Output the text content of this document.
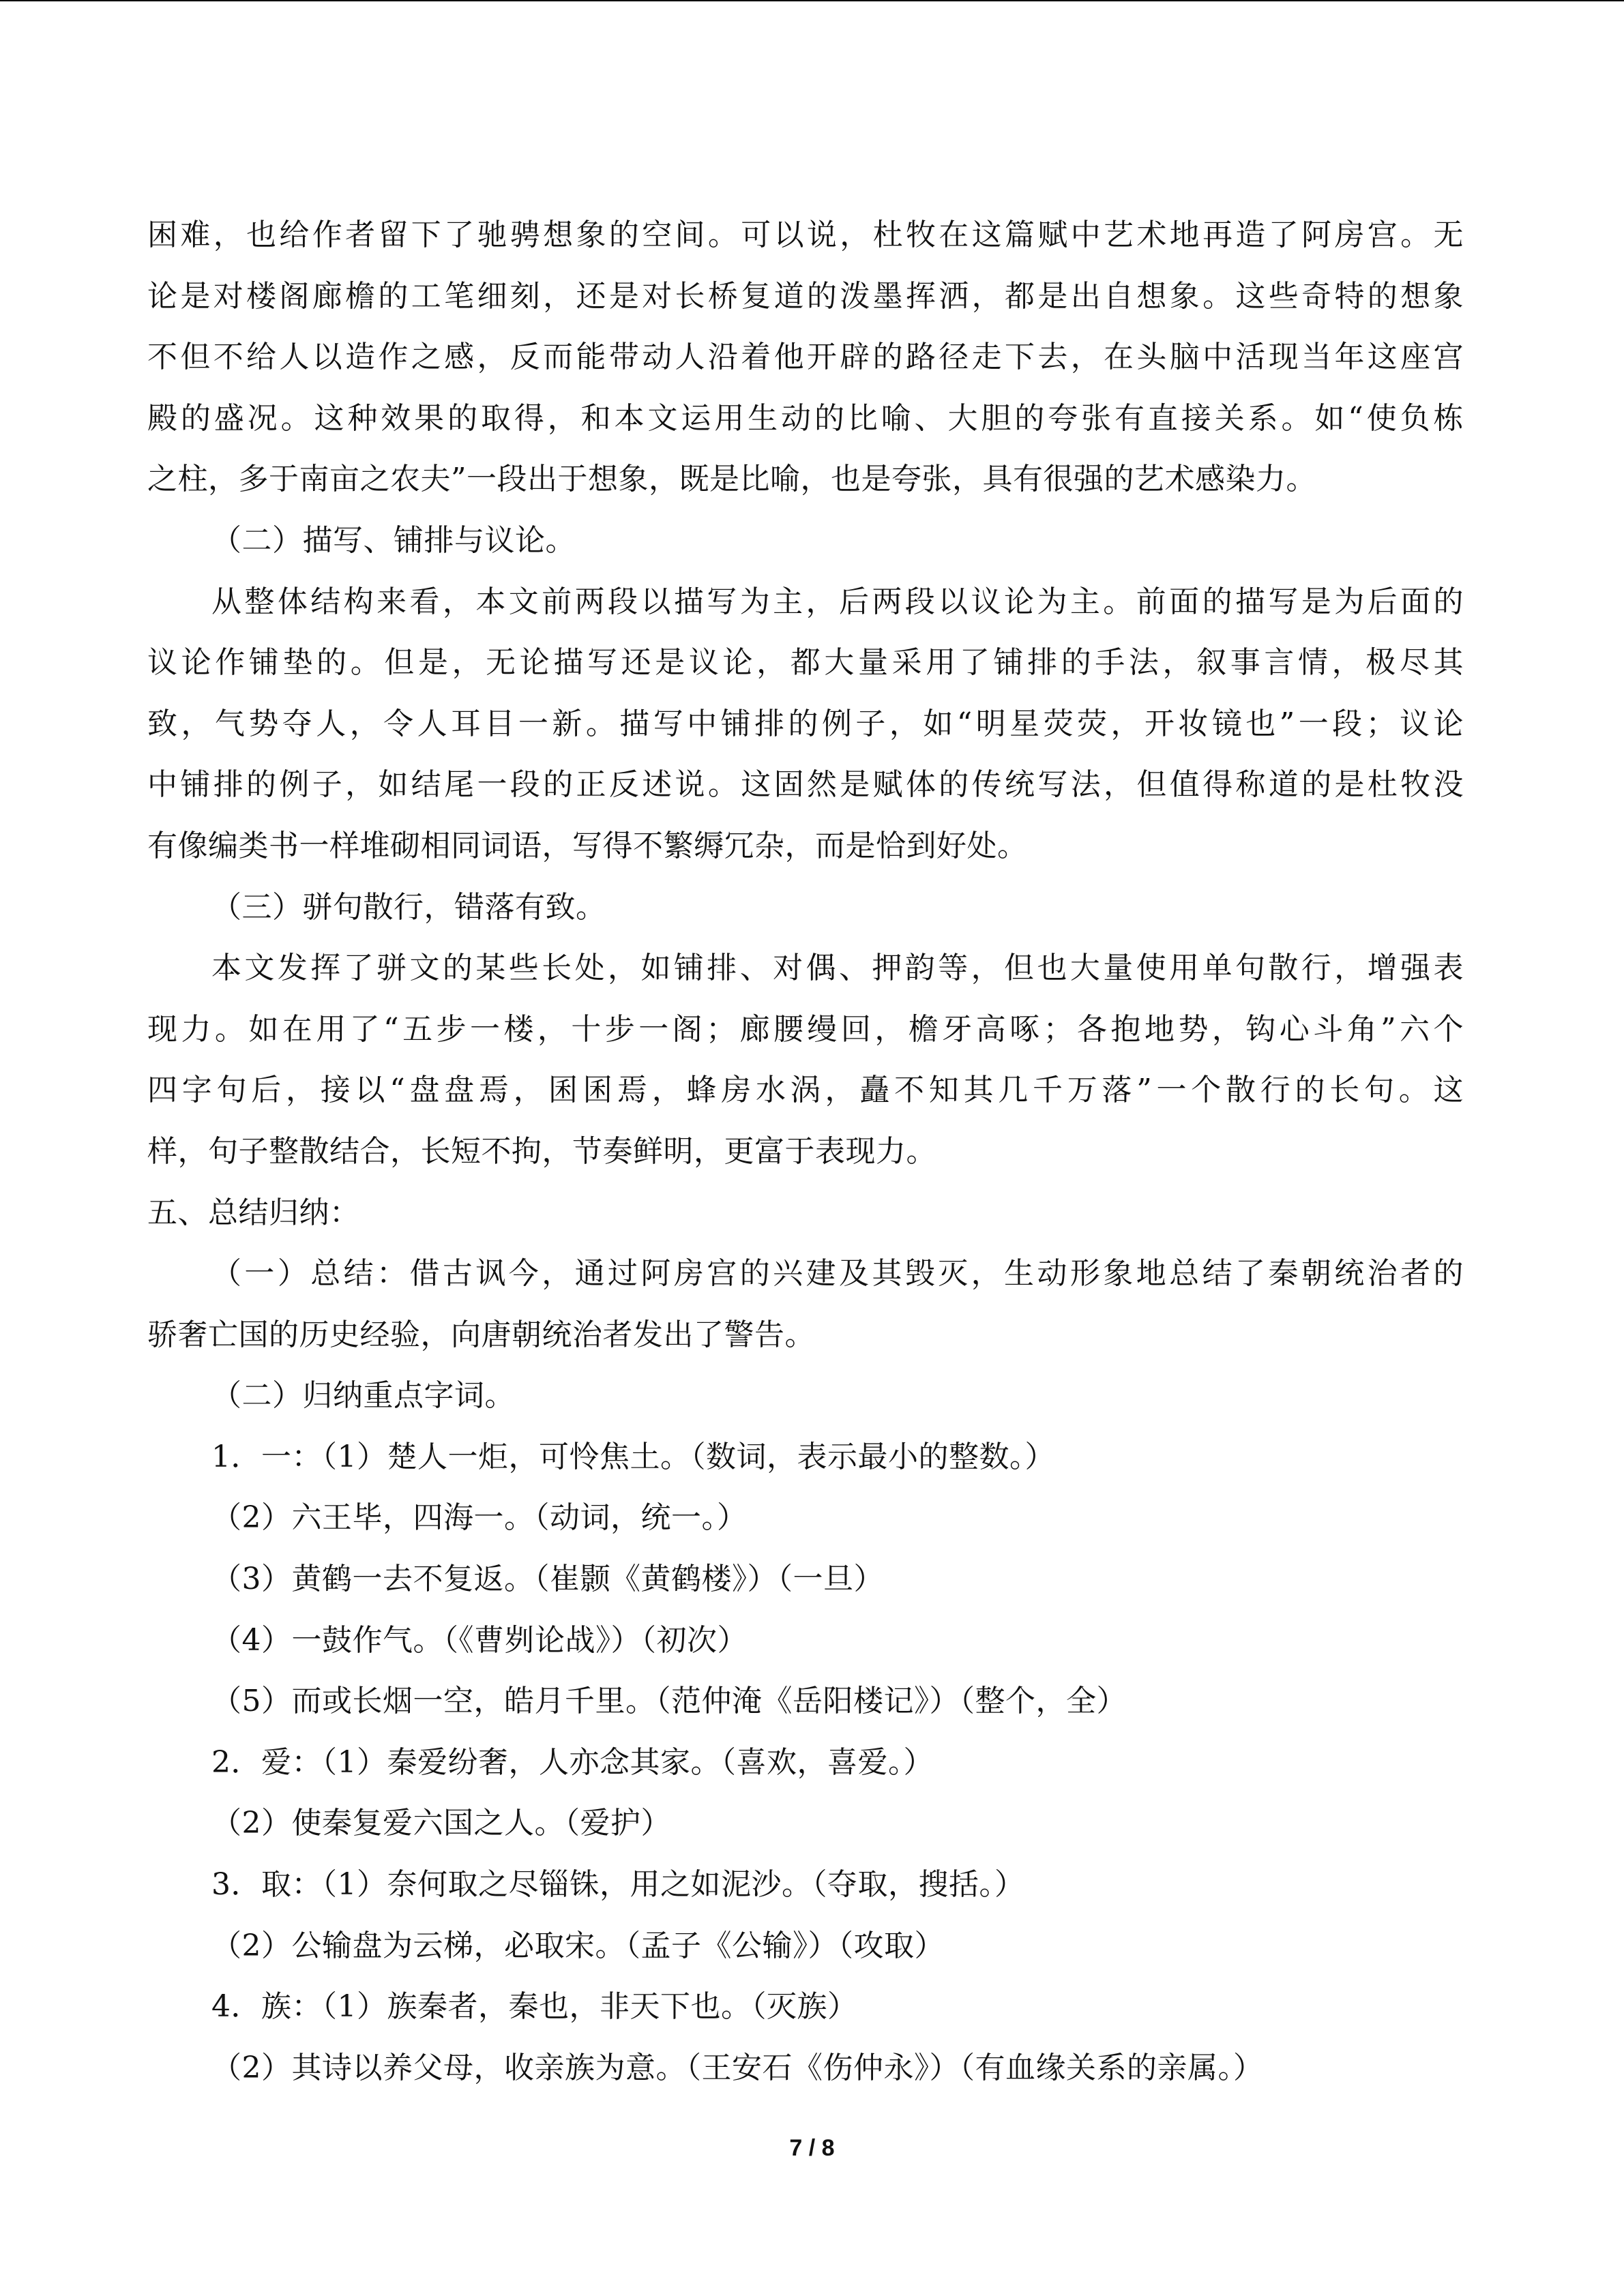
困难，也给作者留下了驰骋想象的空间。可以说，杜牧在这篇赋中艺术地再造了阿房宫。无
论是对楼阁廊檐的工笔细刻，还是对长桥复道的泼墨挥洒，都是出自想象。这些奇特的想象
不但不给人以造作之感，反而能带动人沿着他开辟的路径走下去，在头脑中活现当年这座宫
殿的盛况。这种效果的取得，和本文运用生动的比喻、大胆的夸张有直接关系。如“使负栋
之柱，多于南亩之农夫”一段出于想象，既是比喻，也是夸张，具有很强的艺术感染力。
（二）描写、铺排与议论。
从整体结构来看，本文前两段以描写为主，后两段以议论为主。前面的描写是为后面的
议论作铺垫的。但是，无论描写还是议论，都大量采用了铺排的手法，叙事言情，极尽其
致，气势夺人，令人耳目一新。描写中铺排的例子，如“明星荧荧，开妆镜也”一段；议论
中铺排的例子，如结尾一段的正反述说。这固然是赋体的传统写法，但值得称道的是杜牧没
有像编类书一样堆砌相同词语，写得不繁缛冗杂，而是恰到好处。
（三）骈句散行，错落有致。
本文发挥了骈文的某些长处，如铺排、对偶、押韵等，但也大量使用单句散行，增强表
现力。如在用了“五步一楼，十步一阁；廊腰缦回，檐牙高啄；各抱地势，钩心斗角”六个
四字句后，接以“盘盘焉，囷囷焉，蜂房水涡，矗不知其几千万落”一个散行的长句。这
样，句子整散结合，长短不拘，节奏鲜明，更富于表现力。
五、总结归纳：
（一）总结：借古讽今，通过阿房宫的兴建及其毁灭，生动形象地总结了秦朝统治者的
骄奢亡国的历史经验，向唐朝统治者发出了警告。
（二）归纳重点字词。
1．一：（1）楚人一炬，可怜焦土。（数词，表示最小的整数。）
（2）六王毕，四海一。（动词，统一。）
（3）黄鹤一去不复返。（崔颢《黄鹤楼》）（一旦）
（4）一鼓作气。（《曹刿论战》）（初次）
（5）而或长烟一空，皓月千里。（范仲淹《岳阳楼记》）（整个，全）
2．爱：（1）秦爱纷奢，人亦念其家。（喜欢，喜爱。）
（2）使秦复爱六国之人。（爱护）
3．取：（1）奈何取之尽锱铢，用之如泥沙。（夺取，搜括。）
（2）公输盘为云梯，必取宋。（孟子《公输》）（攻取）
4．族：（1）族秦者，秦也，非天下也。（灭族）
（2）其诗以养父母，收亲族为意。（王安石《伤仲永》）（有血缘关系的亲属。）
7 / 8
